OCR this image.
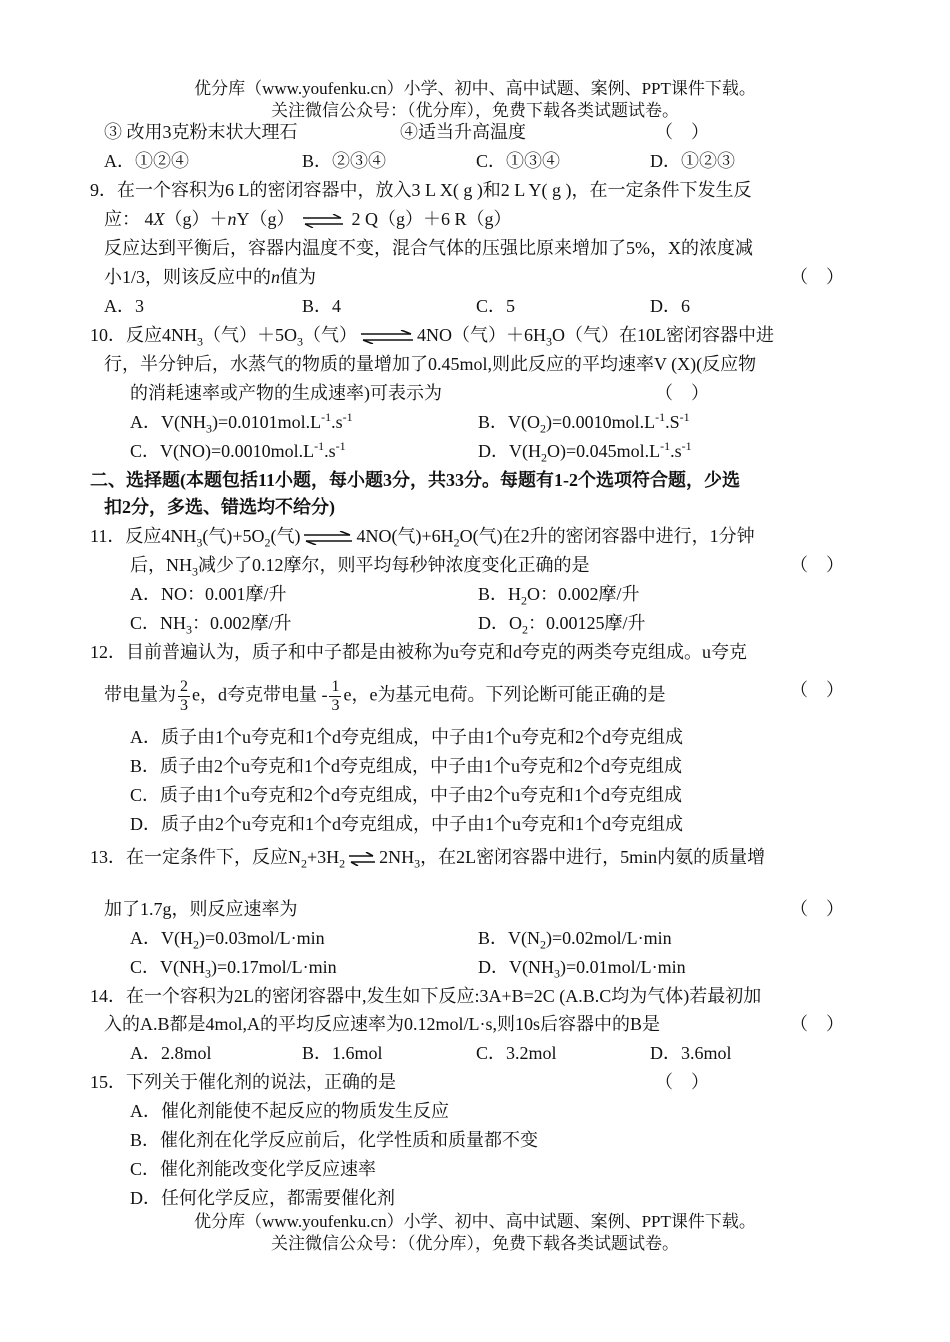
优分库（www.youfenku.cn）小学、初中、高中试题、案例、PPT课件下载。
关注微信公众号：（优分库），免费下载各类试题试卷。
③ 改用3克粉末状大理石	④适当升高温度	（　）
A．①②④	B．②③④	C．①③④	D．①②③
9．在一个容积为6 L的密闭容器中，放入3 L X( g )和2 L Y( g )，在一定条件下发生反
应： 4X（g）＋nY（g） ⇌ 2 Q（g）＋6 R（g）
反应达到平衡后，容器内温度不变，混合气体的压强比原来增加了5%，X的浓度减
小1/3，则该反应中的n值为	（　）
A．3	B．4	C．5	D．6
10．反应$4NH_3$（气）$+5O_3$（气） ⇌ 4NO（气）$+6H_3O$（气）在10L密闭容器中进
行，半分钟后，水蒸气的物质的量增加了0.45mol,则此反应的平均速率V (X)(反应物
的消耗速率或产物的生成速率)可表示为	（　）
A．$V(NH_3)=0.0101mol.L^{-1}.s^{-1}$	B．$V(O_2)=0.0010mol.L^{-1}.S^{-1}$
C．$V(NO)=0.0010mol.L^{-1}.s^{-1}$	D．$V(H_2O)=0.045mol.L^{-1}.s^{-1}$
二、选择题(本题包括11小题，每小题3分，共33分。每题有1-2个选项符合题，少选
扣2分，多选、错选均不给分)
11．反应$4NH_3$(气)$+5O_2$(气) ⇌ 4NO(气)$+6H_2O$(气)在2升的密闭容器中进行，1分钟
后，$NH_3$减少了0.12摩尔，则平均每秒钟浓度变化正确的是	（　）
A．NO：0.001摩/升	B．$H_2O$：0.002摩/升
C．$NH_3$：0.002摩/升	D．$O_2$：0.00125摩/升
12．目前普遍认为，质子和中子都是由被称为u夸克和d夸克的两类夸克组成。u夸克
带电量为 $\frac{2}{3}$ e，d夸克带电量 - $\frac{1}{3}$ e，e为基元电荷。下列论断可能正确的是	（　）
A．质子由1个u夸克和1个d夸克组成，中子由1个u夸克和2个d夸克组成
B．质子由2个u夸克和1个d夸克组成，中子由1个u夸克和2个d夸克组成
C．质子由1个u夸克和2个d夸克组成，中子由2个u夸克和1个d夸克组成
D．质子由2个u夸克和1个d夸克组成，中子由1个u夸克和1个d夸克组成
13．在一定条件下，反应$N_2+3H_2$ ⇌ $2NH_3$，在2L密闭容器中进行，5min内氨的质量增
加了1.7g，则反应速率为	（　）
A．$V(H_2)=0.03mol/L\cdot\min$	B．$V(N_2)=0.02mol/L\cdot\min$
C．$V(NH_3)=0.17mol/L\cdot\min$	D．$V(NH_3)=0.01mol/L\cdot\min$
14．在一个容积为2L的密闭容器中,发生如下反应:3A+B=2C (A.B.C均为气体)若最初加
入的A.B都是4mol,A的平均反应速率为0.12mol/L·s,则10s后容器中的B是	（　）
A．2.8mol	B．1.6mol	C．3.2mol	D．3.6mol
15．下列关于催化剂的说法，正确的是	（　）
A．催化剂能使不起反应的物质发生反应
B．催化剂在化学反应前后，化学性质和质量都不变
C．催化剂能改变化学反应速率
D．任何化学反应，都需要催化剂
优分库（www.youfenku.cn）小学、初中、高中试题、案例、PPT课件下载。
关注微信公众号：（优分库），免费下载各类试题试卷。
